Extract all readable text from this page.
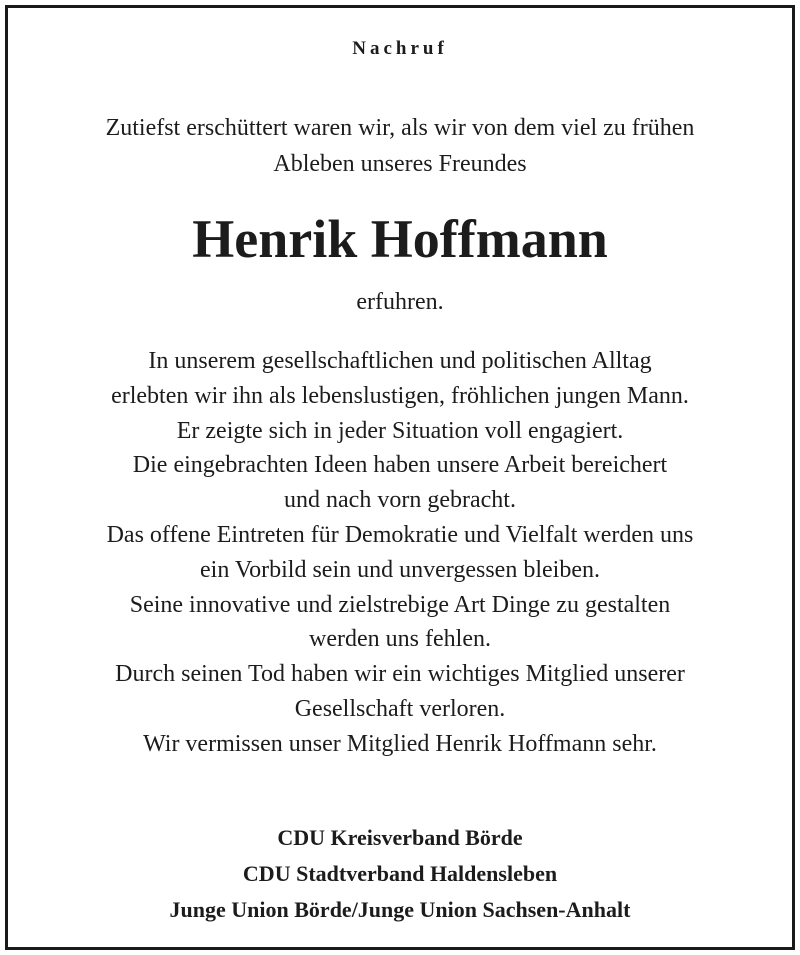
Nachruf
Zutiefst erschüttert waren wir, als wir von dem viel zu frühen
Ableben unseres Freundes
Henrik Hoffmann
erfuhren.
In unserem gesellschaftlichen und politischen Alltag
erlebten wir ihn als lebenslustigen, fröhlichen jungen Mann.
Er zeigte sich in jeder Situation voll engagiert.
Die eingebrachten Ideen haben unsere Arbeit bereichert
und nach vorn gebracht.
Das offene Eintreten für Demokratie und Vielfalt werden uns
ein Vorbild sein und unvergessen bleiben.
Seine innovative und zielstrebige Art Dinge zu gestalten
werden uns fehlen.
Durch seinen Tod haben wir ein wichtiges Mitglied unserer
Gesellschaft verloren.
Wir vermissen unser Mitglied Henrik Hoffmann sehr.
CDU Kreisverband Börde
CDU Stadtverband Haldensleben
Junge Union Börde/Junge Union Sachsen-Anhalt
